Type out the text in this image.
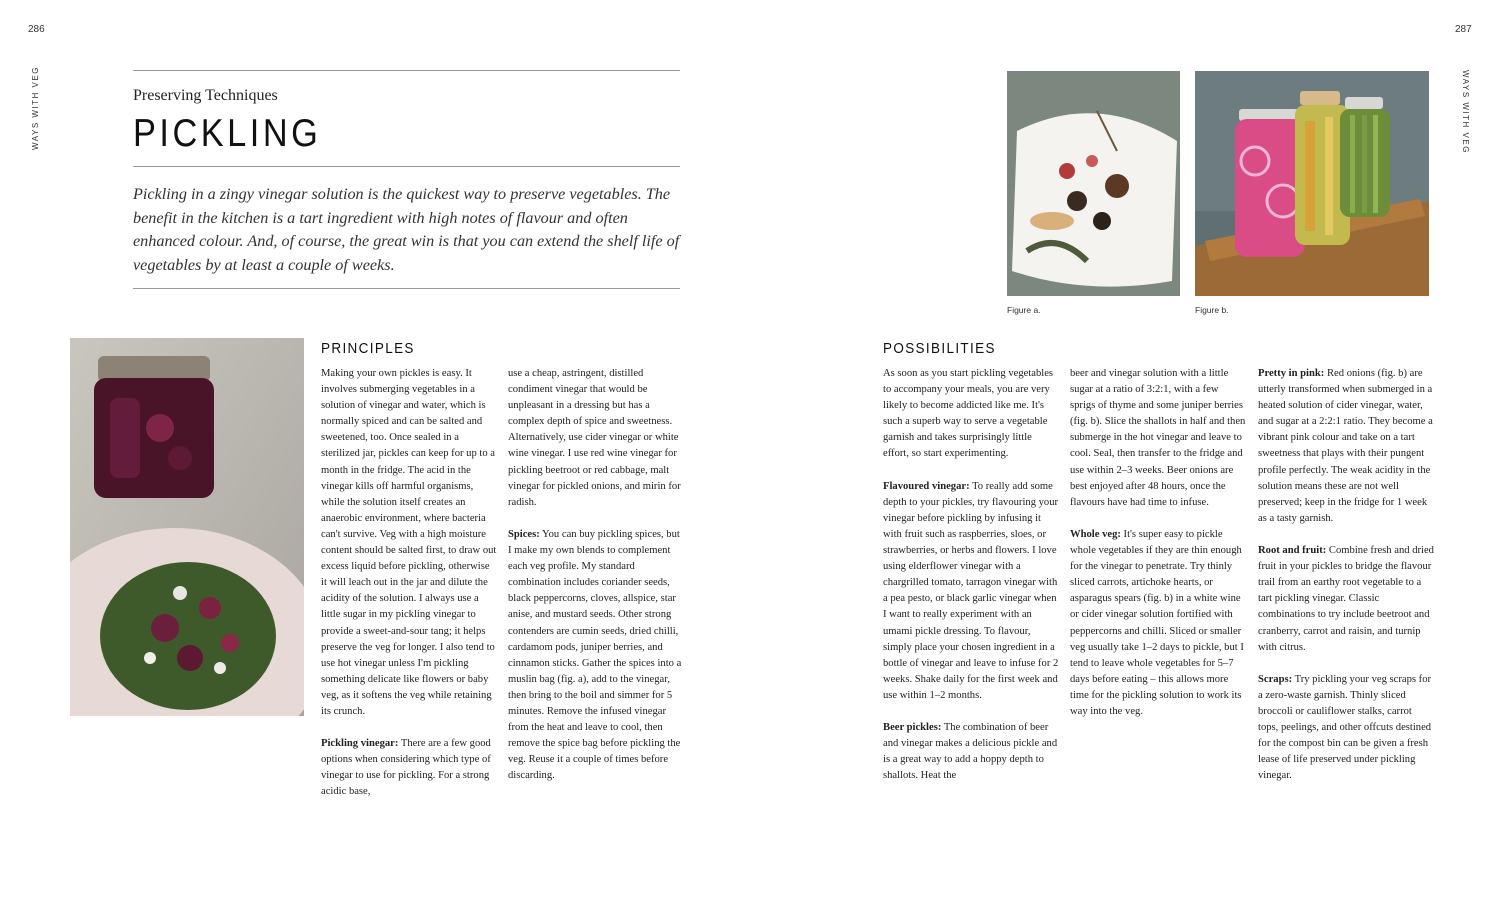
286
WAYS WITH VEG	Preserving Techniques
PICKLING
Pickling in a zingy vinegar solution is the quickest way to preserve vegetables. The benefit in the kitchen is a tart ingredient with high notes of flavour and often enhanced colour. And, of course, the great win is that you can extend the shelf life of vegetables by at least a couple of weeks.
PRINCIPLES

Making your own pickles is easy. It involves submerging vegetables in a solution of vinegar and water, which is normally spiced and can be salted and sweetened, too. Once sealed in a sterilized jar, pickles can keep for up to a month in the fridge. The acid in the vinegar kills off harmful organisms, while the solution itself creates an anaerobic environment, where bacteria can't survive. Veg with a high moisture content should be salted first, to draw out excess liquid before pickling, otherwise it will leach out in the jar and dilute the acidity of the solution. I always use a little sugar in my pickling vinegar to provide a sweet-and-sour tang; it helps preserve the veg for longer. I also tend to use hot vinegar unless I'm pickling something delicate like flowers or baby veg, as it softens the veg while retaining its crunch.

Pickling vinegar: There are a few good options when considering which type of vinegar to use for pickling. For a strong acidic base,

use a cheap, astringent, distilled condiment vinegar that would be unpleasant in a dressing but has a complex depth of spice and sweetness. Alternatively, use cider vinegar or white wine vinegar. I use red wine vinegar for pickling beetroot or red cabbage, malt vinegar for pickled onions, and mirin for radish.

Spices: You can buy pickling spices, but I make my own blends to complement each veg profile. My standard combination includes coriander seeds, black peppercorns, cloves, allspice, star anise, and mustard seeds. Other strong contenders are cumin seeds, dried chilli, cardamom pods, juniper berries, and cinnamon sticks. Gather the spices into a muslin bag (fig. a), add to the vinegar, then bring to the boil and simmer for 5 minutes. Remove the infused vinegar from the heat and leave to cool, then remove the spice bag before pickling the veg. Reuse it a couple of times before discarding.

287
WAYS WITH VEG
Figure a.	Figure b.
POSSIBILITIES

As soon as you start pickling vegetables to accompany your meals, you are very likely to become addicted like me. It's such a superb way to serve a vegetable garnish and takes surprisingly little effort, so start experimenting.

Flavoured vinegar: To really add some depth to your pickles, try flavouring your vinegar before pickling by infusing it with fruit such as raspberries, sloes, or strawberries, or herbs and flowers. I love using elderflower vinegar with a chargrilled tomato, tarragon vinegar with a pea pesto, or black garlic vinegar when I want to really experiment with an umami pickle dressing. To flavour, simply place your chosen ingredient in a bottle of vinegar and leave to infuse for 2 weeks. Shake daily for the first week and use within 1–2 months.

Beer pickles: The combination of beer and vinegar makes a delicious pickle and is a great way to add a hoppy depth to shallots. Heat the

beer and vinegar solution with a little sugar at a ratio of 3:2:1, with a few sprigs of thyme and some juniper berries (fig. b). Slice the shallots in half and then submerge in the hot vinegar and leave to cool. Seal, then transfer to the fridge and use within 2–3 weeks. Beer onions are best enjoyed after 48 hours, once the flavours have had time to infuse.

Whole veg: It's super easy to pickle whole vegetables if they are thin enough for the vinegar to penetrate. Try thinly sliced carrots, artichoke hearts, or asparagus spears (fig. b) in a white wine or cider vinegar solution fortified with peppercorns and chilli. Sliced or smaller veg usually take 1–2 days to pickle, but I tend to leave whole vegetables for 5–7 days before eating – this allows more time for the pickling solution to work its way into the veg.

Pretty in pink: Red onions (fig. b) are utterly transformed when submerged in a heated solution of cider vinegar, water, and sugar at a 2:2:1 ratio. They become a vibrant pink colour and take on a tart sweetness that plays with their pungent profile perfectly. The weak acidity in the solution means these are not well preserved; keep in the fridge for 1 week as a tasty garnish.

Root and fruit: Combine fresh and dried fruit in your pickles to bridge the flavour trail from an earthy root vegetable to a tart pickling vinegar. Classic combinations to try include beetroot and cranberry, carrot and raisin, and turnip with citrus.

Scraps: Try pickling your veg scraps for a zero-waste garnish. Thinly sliced broccoli or cauliflower stalks, carrot tops, peelings, and other offcuts destined for the compost bin can be given a fresh lease of life preserved under pickling vinegar.
